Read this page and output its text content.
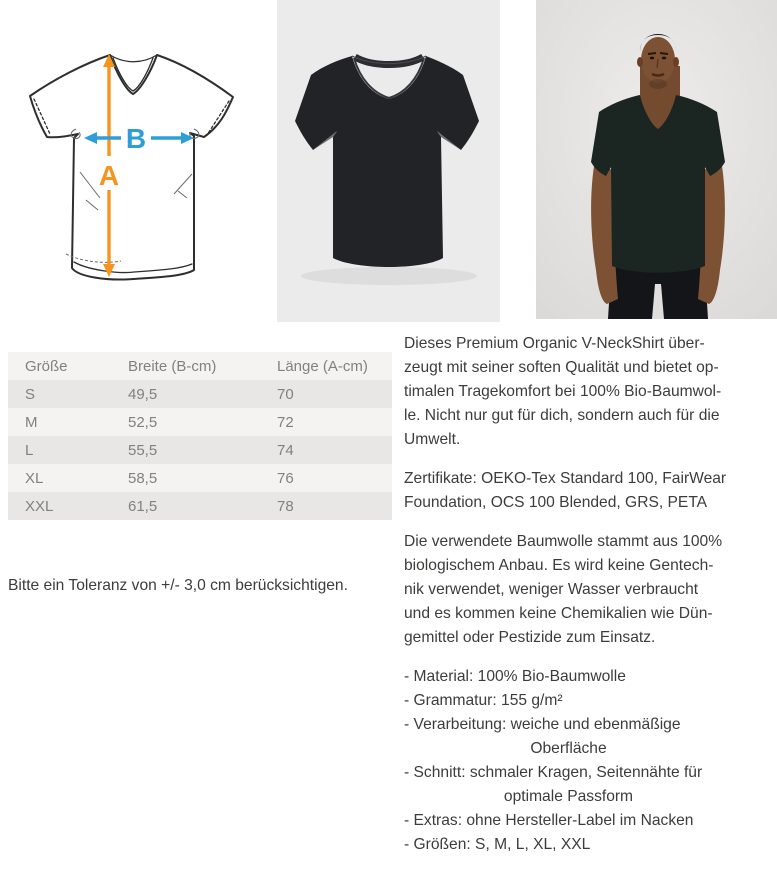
A
B
Größe	Breite (B-cm)	Länge (A-cm)
S	49,5	70
M	52,5	72
L	55,5	74
XL	58,5	76
XXL	61,5	78
Bitte ein Toleranz von +/- 3,0 cm berücksichtigen.

Dieses Premium Organic V-NeckShirt über-
zeugt mit seiner soften Qualität und bietet op-
timalen Tragekomfort bei 100% Bio-Baumwol-
le. Nicht nur gut für dich, sondern auch für die
Umwelt.

Zertifikate: OEKO-Tex Standard 100, FairWear
Foundation, OCS 100 Blended, GRS, PETA

Die verwendete Baumwolle stammt aus 100%
biologischem Anbau. Es wird keine Gentech-
nik verwendet, weniger Wasser verbraucht
und es kommen keine Chemikalien wie Dün-
gemittel oder Pestizide zum Einsatz.

- Material: 100% Bio-Baumwolle
- Grammatur: 155 g/m²
- Verarbeitung: weiche und ebenmäßige
Oberfläche
- Schnitt: schmaler Kragen, Seitennähte für
optimale Passform
- Extras: ohne Hersteller-Label im Nacken
- Größen: S, M, L, XL, XXL
